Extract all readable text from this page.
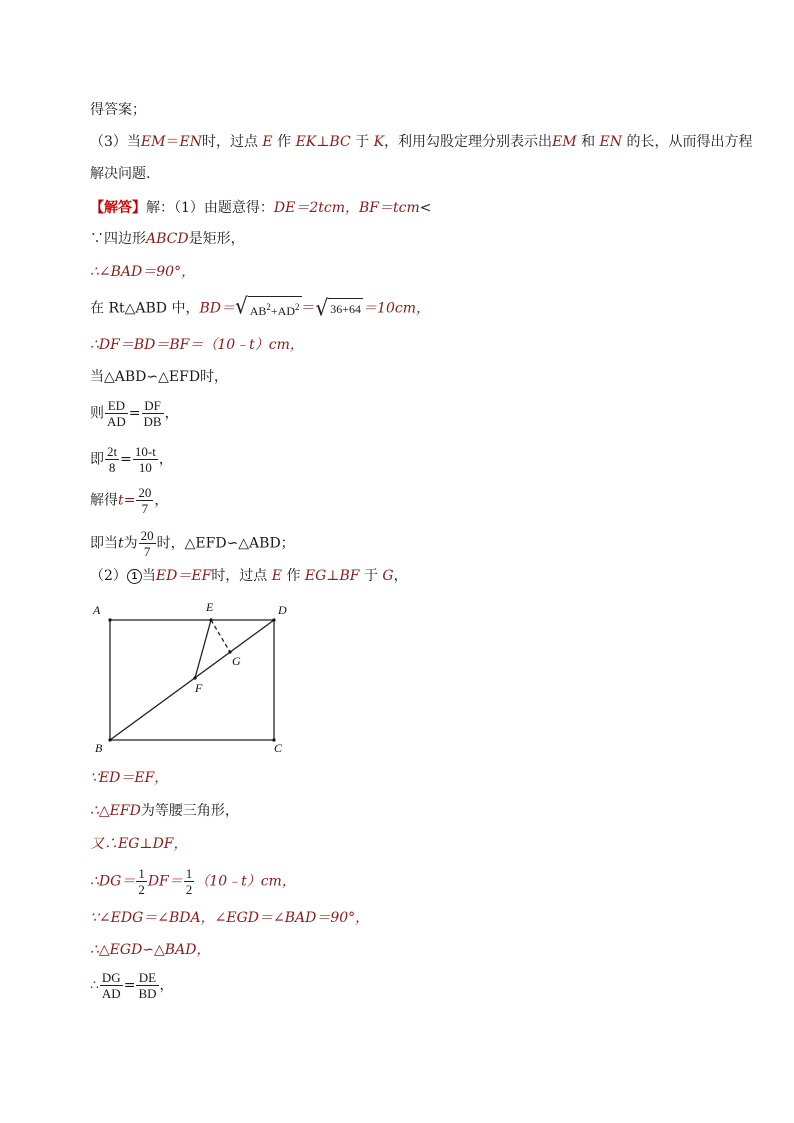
得答案；
（3）当EM＝EN时，过点 E 作 EK⊥BC 于 K，利用勾股定理分别表示出EM 和 EN 的长，从而得出方程
解决问题．
【解答】解：（1）由题意得：DE＝2tcm，BF＝tcm<
∵四边形ABCD是矩形，
∴∠BAD＝90°，
在 Rt△ABD 中，BD＝√ $AB^2+AD^2$ ＝√ 36+64 ＝10cm，
∴DF＝BD＝BF＝（10﹣t）cm，
当△ABD∽△EFD时，
则 $\frac{ED}{AD} = \frac{DF}{DB}$ ，
即 $\frac{2t}{8} = \frac{10-t}{10}$ ，
解得$t= \frac{20}{7}$ ，
即当t为 $\frac{20}{7}$ 时，△EFD∽△ABD；
（2） 1 当ED＝EF时，过点 E 作 EG⊥BF 于 G，
A
B	C
D
E
F
G
∵ED＝EF，
∴△EFD为等腰三角形，
又∴EG⊥DF，
∴DG＝ $\frac{1}{2} DF= \frac{1}{2}$ （10﹣t）cm，
∵∠EDG＝∠BDA，∠EGD＝∠BAD＝90°，
∴△EGD∽△BAD，
∴ $\frac{DG}{AD} = \frac{DE}{BD}$ ，
